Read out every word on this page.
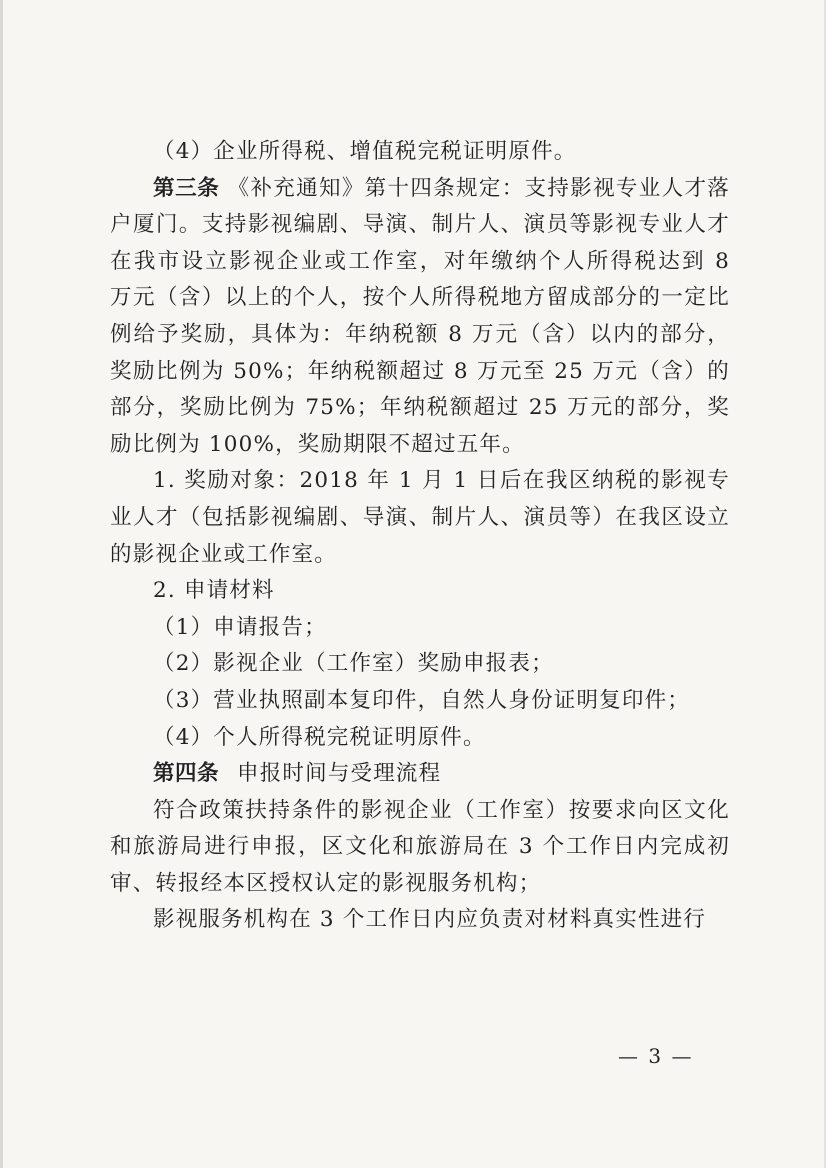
（4）企业所得税、增值税完税证明原件。

第三条 《补充通知》第十四条规定：支持影视专业人才落户厦门。支持影视编剧、导演、制片人、演员等影视专业人才在我市设立影视企业或工作室，对年缴纳个人所得税达到 8 万元（含）以上的个人，按个人所得税地方留成部分的一定比例给予奖励，具体为：年纳税额 8 万元（含）以内的部分，奖励比例为 50%；年纳税额超过 8 万元至 25 万元（含）的部分，奖励比例为 75%；年纳税额超过 25 万元的部分，奖励比例为 100%，奖励期限不超过五年。

1. 奖励对象：2018 年 1 月 1 日后在我区纳税的影视专业人才（包括影视编剧、导演、制片人、演员等）在我区设立的影视企业或工作室。

2. 申请材料

（1）申请报告；

（2）影视企业（工作室）奖励申报表；

（3）营业执照副本复印件，自然人身份证明复印件；

（4）个人所得税完税证明原件。

第四条 申报时间与受理流程

符合政策扶持条件的影视企业（工作室）按要求向区文化和旅游局进行申报，区文化和旅游局在 3 个工作日内完成初审、转报经本区授权认定的影视服务机构；

影视服务机构在 3 个工作日内应负责对材料真实性进行

— 3 —
